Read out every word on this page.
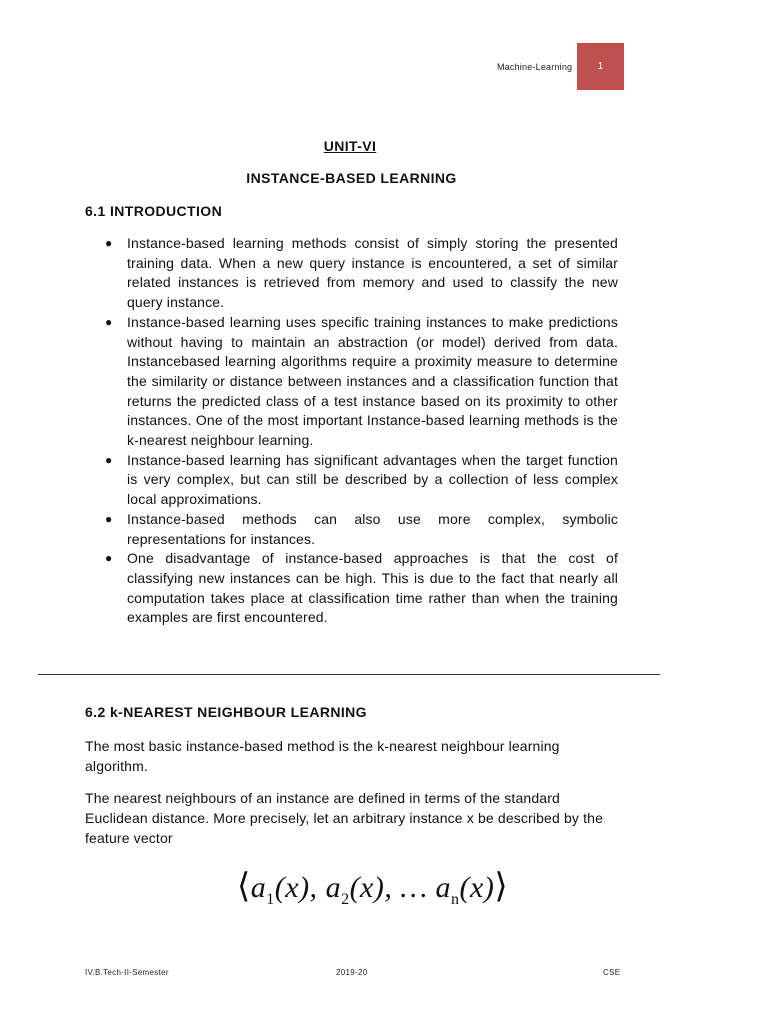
Machine-Learning	1
UNIT-VI
INSTANCE-BASED LEARNING
6.1 INTRODUCTION
● Instance-based learning methods consist of simply storing the presented training data. When a new query instance is encountered, a set of similar related instances is retrieved from memory and used to classify the new query instance.
● Instance-based learning uses specific training instances to make predictions without having to maintain an abstraction (or model) derived from data. Instancebased learning algorithms require a proximity measure to determine the similarity or distance between instances and a classification function that returns the predicted class of a test instance based on its proximity to other instances. One of the most important Instance-based learning methods is the k-nearest neighbour learning.
● Instance-based learning has significant advantages when the target function is very complex, but can still be described by a collection of less complex local approximations.
● Instance-based methods can also use more complex, symbolic representations for instances.
● One disadvantage of instance-based approaches is that the cost of classifying new instances can be high. This is due to the fact that nearly all computation takes place at classification time rather than when the training examples are first encountered.
6.2 k-NEAREST NEIGHBOUR LEARNING

The most basic instance-based method is the k-nearest neighbour learning algorithm.

The nearest neighbours of an instance are defined in terms of the standard Euclidean distance. More precisely, let an arbitrary instance x be described by the feature vector

$⟨a_1(x)$, $a_2(x)$, … $a_n(x)⟩$
IV.B.Tech-II-Semester	2019-20	CSE
